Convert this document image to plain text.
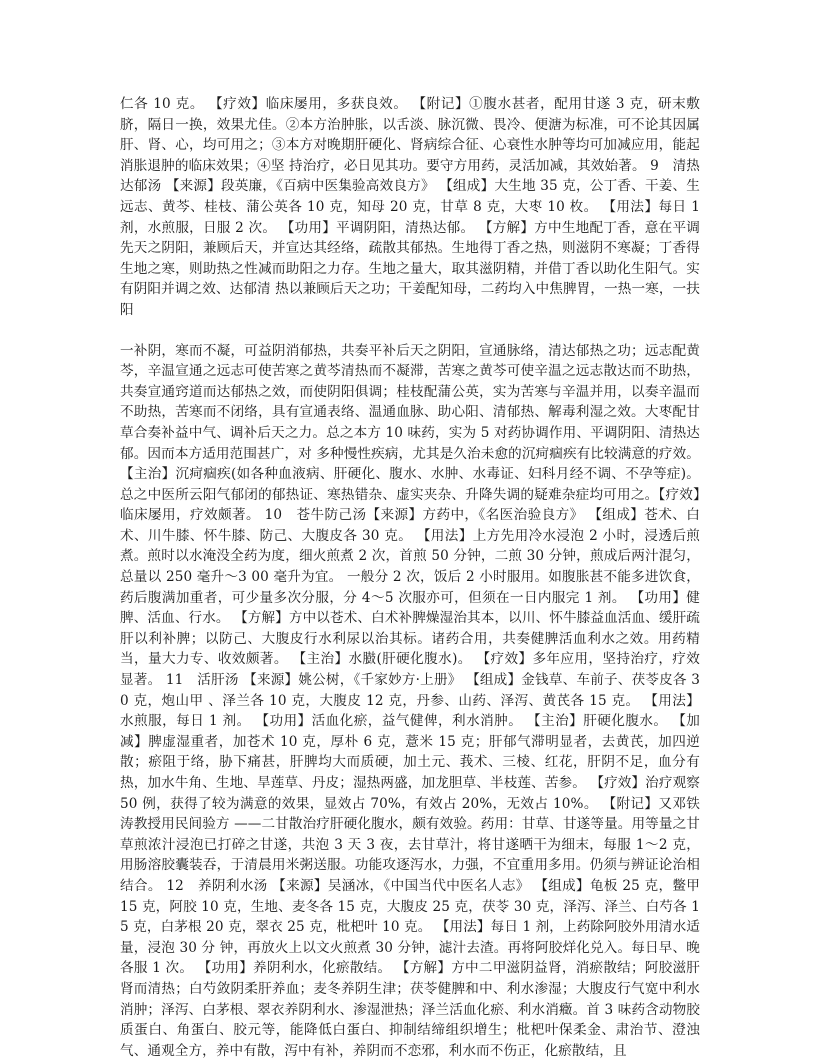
仁各 10 克。 【疗效】临床屡用，多获良效。 【附记】①腹水甚者，配用甘遂 3 克，研末敷脐，隔日一换，效果尤佳。②本方治肿胀，以舌淡、脉沉微、畏冷、便溏为标准，可不论其因属肝、肾、心，均可用之；③本方对晚期肝硬化、肾病综合征、心衰性水肿等均可加减应用，能起消胀退肿的临床效果；④坚 持治疗，必日见其功。要守方用药，灵活加减，其效始著。 9　清热达郁汤 【来源】段英廉，《百病中医集验高效良方》 【组成】大生地 35 克，公丁香、干姜、生远志、黄芩、桂枝、蒲公英各 10 克，知母 20 克，甘草 8 克，大枣 10 枚。 【用法】每日 1 剂，水煎服，日服 2 次。 【功用】平调阴阳，清热达郁。 【方解】方中生地配丁香，意在平调先天之阴阳，兼顾后天，并宣达其经络，疏散其郁热。生地得丁香之热，则滋阴不寒凝；丁香得生地之寒，则助热之性减而助阳之力存。生地之量大，取其滋阴精，并借丁香以助化生阳气。实有阴阳并调之效、达郁清 热以兼顾后天之功；干姜配知母，二药均入中焦脾胃，一热一寒，一扶阳

一补阴，寒而不凝，可益阴消郁热，共奏平补后天之阴阳，宣通脉络，清达郁热之功；远志配黄芩，辛温宣通之远志可使苦寒之黄芩清热而不凝滞，苦寒之黄芩可使辛温之远志散达而不助热，共奏宣通窍道而达郁热之效，而使阴阳俱调；桂枝配蒲公英，实为苦寒与辛温并用，以奏辛温而不助热，苦寒而不闭络，具有宣通表络、温通血脉、助心阳、清郁热、解毒利湿之效。大枣配甘草合奏补益中气、调补后天之力。总之本方 10 味药，实为 5 对药协调作用、平调阴阳、清热达郁。因而本方适用范围甚广，对 多种慢性疾病，尤其是久治未愈的沉疴痼疾有比较满意的疗效。 【主治】沉疴痼疾(如各种血液病、肝硬化、腹水、水肿、水毒证、妇科月经不调、不孕等症)。总之中医所云阳气郁闭的郁热证、寒热错杂、虚实夹杂、升降失调的疑难杂症均可用之。【疗效】临床屡用，疗效颇著。 10　苍牛防己汤【来源】方药中，《名医治验良方》 【组成】苍术、白术、川牛膝、怀牛膝、防己、大腹皮各 30 克。 【用法】上方先用冷水浸泡 2 小时，浸透后煎煮。煎时以水淹没全药为度，细火煎煮 2 次，首煎 50 分钟，二煎 30 分钟，煎成后两汁混匀，总量以 250 毫升～3 00 毫升为宜。 一般分 2 次，饭后 2 小时服用。如腹胀甚不能多进饮食，药后腹满加重者，可少量多次分服，分 4～5 次服亦可，但须在一日内服完 1 剂。 【功用】健脾、活血、行水。 【方解】方中以苍术、白术补脾燥湿治其本，以川、怀牛膝益血活血、缓肝疏肝以利补脾；以防己、大腹皮行水利尿以治其标。诸药合用，共奏健脾活血利水之效。用药精当，量大力专、收效颇著。 【主治】水臌(肝硬化腹水)。 【疗效】多年应用，坚持治疗，疗效显著。 11　活肝汤 【来源】姚公树，《千家妙方·上册》 【组成】金钱草、车前子、茯苓皮各 30 克，炮山甲 、泽兰各 10 克，大腹皮 12 克，丹参、山药、泽泻、黄芪各 15 克。 【用法】水煎服，每日 1 剂。 【功用】活血化瘀，益气健俾，利水消肿。 【主治】肝硬化腹水。 【加减】脾虚湿重者，加苍术 10 克，厚朴 6 克，薏米 15 克；肝郁气滞明显者，去黄芪，加四逆散；瘀阻于络，胁下痛甚，肝脾均大而质硬，加土元、莪术、三棱、红花，肝阴不足，血分有热，加水牛角、生地、旱莲草、丹皮；湿热两盛，加龙胆草、半枝莲、苦参。 【疗效】治疗观察 50 例，获得了较为满意的效果，显效占 70%，有效占 20%，无效占 10%。 【附记】又邓铁涛教授用民间验方 ——二甘散治疗肝硬化腹水，颇有效验。药用：甘草、甘遂等量。用等量之甘草煎浓汁浸泡已打碎之甘遂，共泡 3 天 3 夜，去甘草汁，将甘遂晒干为细末，每服 1～2 克，用肠溶胶囊装吞，于清晨用米粥送服。功能攻逐泻水，力强，不宜重用多用。仍须与辨证论治相结合。 12　养阴利水汤 【来源】吴涵冰，《中国当代中医名人志》 【组成】龟板 25 克，鳖甲 15 克，阿胶 10 克，生地、麦冬各 15 克，大腹皮 25 克，茯苓 30 克，泽泻、泽兰、白芍各 15 克，白茅根 20 克，翠衣 25 克，枇杷叶 10 克。 【用法】每日 1 剂，上药除阿胶外用清水适量，浸泡 30 分 钟，再放火上以文火煎煮 30 分钟，滤汁去渣。再将阿胶烊化兑入。每日早、晚各服 1 次。 【功用】养阴利水，化瘀散结。 【方解】方中二甲滋阴益肾，消瘀散结；阿胶滋肝肾而清热；白芍敛阴柔肝养血；麦冬养阴生津；茯苓健脾和中、利水渗湿；大腹皮行气宽中利水消肿；泽泻、白茅根、翠衣养阴利水、渗湿泄热；泽兰活血化瘀、利水消癥。首 3 味药含动物胶质蛋白、角蛋白、胶元等，能降低白蛋白、抑制结缔组织增生；枇杷叶保柔金、肃治节、澄浊气、通观全方，养中有散，泻中有补，养阴而不恋邪，利水而不伤正，化瘀散结，且
